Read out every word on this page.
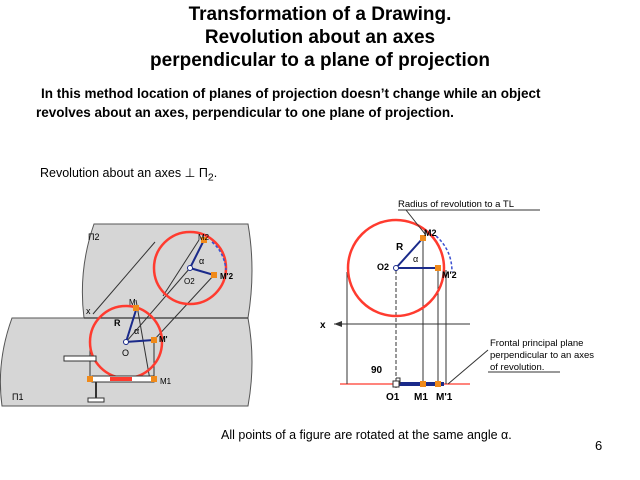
Transformation of a Drawing.
Revolution about an axes
perpendicular to a plane of projection
In this method location of planes of projection doesn’t change while an object
revolves about an axes, perpendicular to one plane of projection.
Revolution about an axes ⊥ $П_2$.
П2
П1
x
M2
M'2
O2
α
M
M'
O
R
α
M1
Radius of revolution to a TL
R
α
M2
O2
M'2
x
90
O1 M1 M'1
Frontal principal plane
perpendicular to an axes
of revolution.
All points of a figure are rotated at the same angle α.
6
